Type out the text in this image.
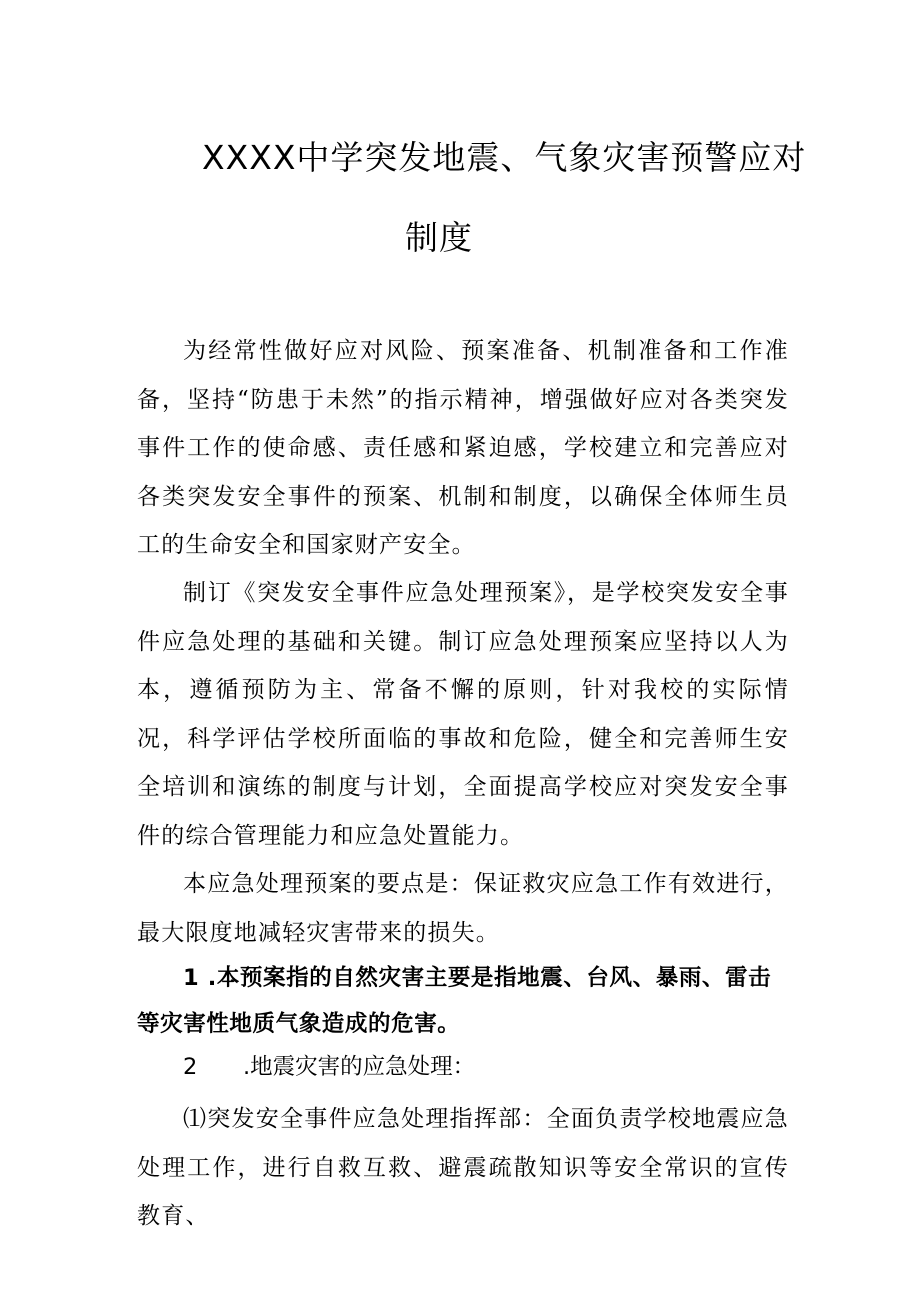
XXXX中学突发地震、气象灾害预警应对
制度

为经常性做好应对风险、预案准备、机制准备和工作准备，坚持“防患于未然”的指示精神，增强做好应对各类突发事件工作的使命感、责任感和紧迫感，学校建立和完善应对各类突发安全事件的预案、机制和制度，以确保全体师生员工的生命安全和国家财产安全。

制订《突发安全事件应急处理预案》，是学校突发安全事件应急处理的基础和关键。制订应急处理预案应坚持以人为本，遵循预防为主、常备不懈的原则，针对我校的实际情况，科学评估学校所面临的事故和危险，健全和完善师生安全培训和演练的制度与计划，全面提高学校应对突发安全事件的综合管理能力和应急处置能力。

本应急处理预案的要点是：保证救灾应急工作有效进行，最大限度地减轻灾害带来的损失。

1 .本预案指的自然灾害主要是指地震、台风、暴雨、雷击等灾害性地质气象造成的危害。

2 .地震灾害的应急处理：

⑴突发安全事件应急处理指挥部：全面负责学校地震应急处理工作，进行自救互救、避震疏散知识等安全常识的宣传教育、
